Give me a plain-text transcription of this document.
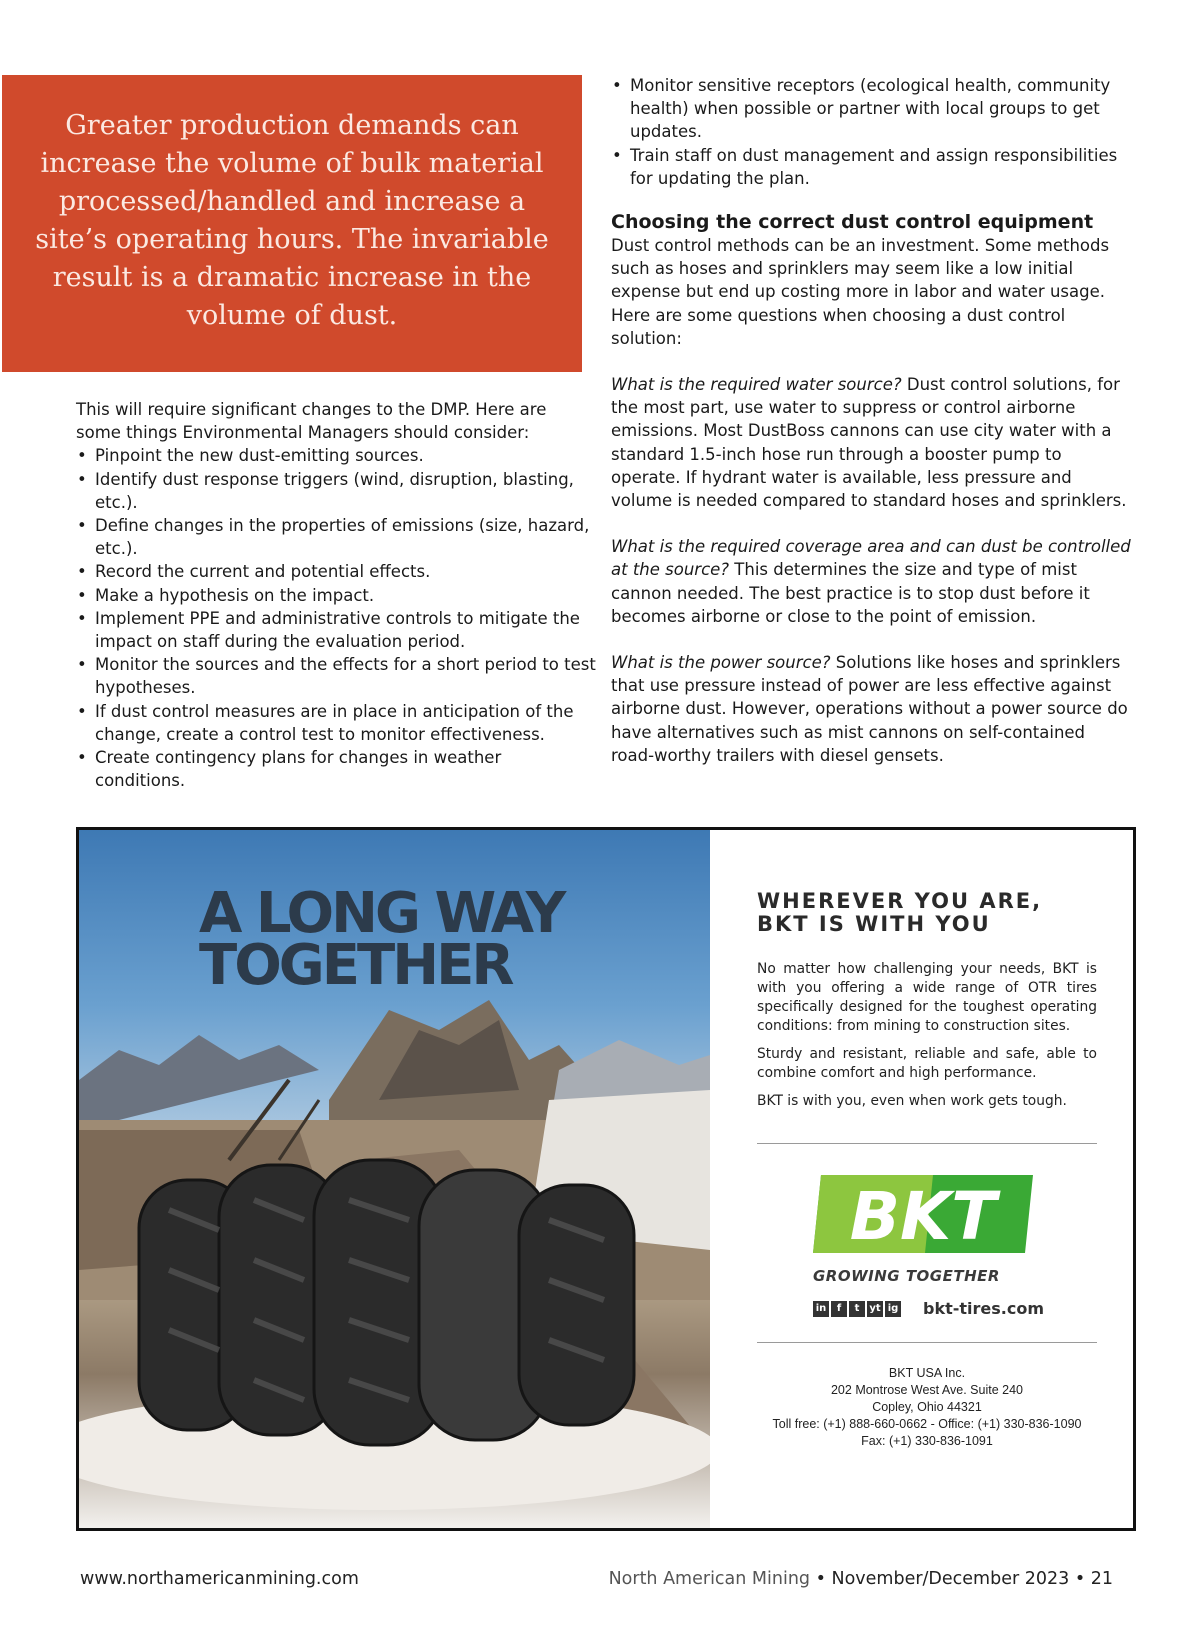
Greater production demands can increase the volume of bulk material processed/handled and increase a site’s operating hours. The invariable result is a dramatic increase in the volume of dust.

This will require significant changes to the DMP. Here are some things Environmental Managers should consider:

• Pinpoint the new dust-emitting sources.
• Identify dust response triggers (wind, disruption, blasting, etc.).
• Define changes in the properties of emissions (size, hazard, etc.).
• Record the current and potential effects.
• Make a hypothesis on the impact.
• Implement PPE and administrative controls to mitigate the impact on staff during the evaluation period.
• Monitor the sources and the effects for a short period to test hypotheses.
• If dust control measures are in place in anticipation of the change, create a control test to monitor effectiveness.
• Create contingency plans for changes in weather conditions.
• Monitor sensitive receptors (ecological health, community health) when possible or partner with local groups to get updates.
• Train staff on dust management and assign responsibilities for updating the plan.
Choosing the correct dust control equipment

Dust control methods can be an investment. Some methods such as hoses and sprinklers may seem like a low initial expense but end up costing more in labor and water usage. Here are some questions when choosing a dust control solution:

What is the required water source? Dust control solutions, for the most part, use water to suppress or control airborne emissions. Most DustBoss cannons can use city water with a standard 1.5-inch hose run through a booster pump to operate. If hydrant water is available, less pressure and volume is needed compared to standard hoses and sprinklers.

What is the required coverage area and can dust be controlled at the source? This determines the size and type of mist cannon needed. The best practice is to stop dust before it becomes airborne or close to the point of emission.

What is the power source? Solutions like hoses and sprinklers that use pressure instead of power are less effective against airborne dust. However, operations without a power source do have alternatives such as mist cannons on self-contained road-worthy trailers with diesel gensets.

A LONG WAY
TOGETHER
WHEREVER YOU ARE,
BKT IS WITH YOU

No matter how challenging your needs, BKT is with you offering a wide range of OTR tires specifically designed for the toughest operating conditions: from mining to construction sites.

Sturdy and resistant, reliable and safe, able to combine comfort and high performance.

BKT is with you, even when work gets tough.

BKT
GROWING TOGETHER
in	f	t yt ig bkt-tires.com
BKT USA Inc.
202 Montrose West Ave. Suite 240
Copley, Ohio 44321
Toll free: (+1) 888-660-0662 - Office: (+1) 330-836-1090
Fax: (+1) 330-836-1091
www.northamericanmining.com	North American Mining • November/December 2023 • 21
